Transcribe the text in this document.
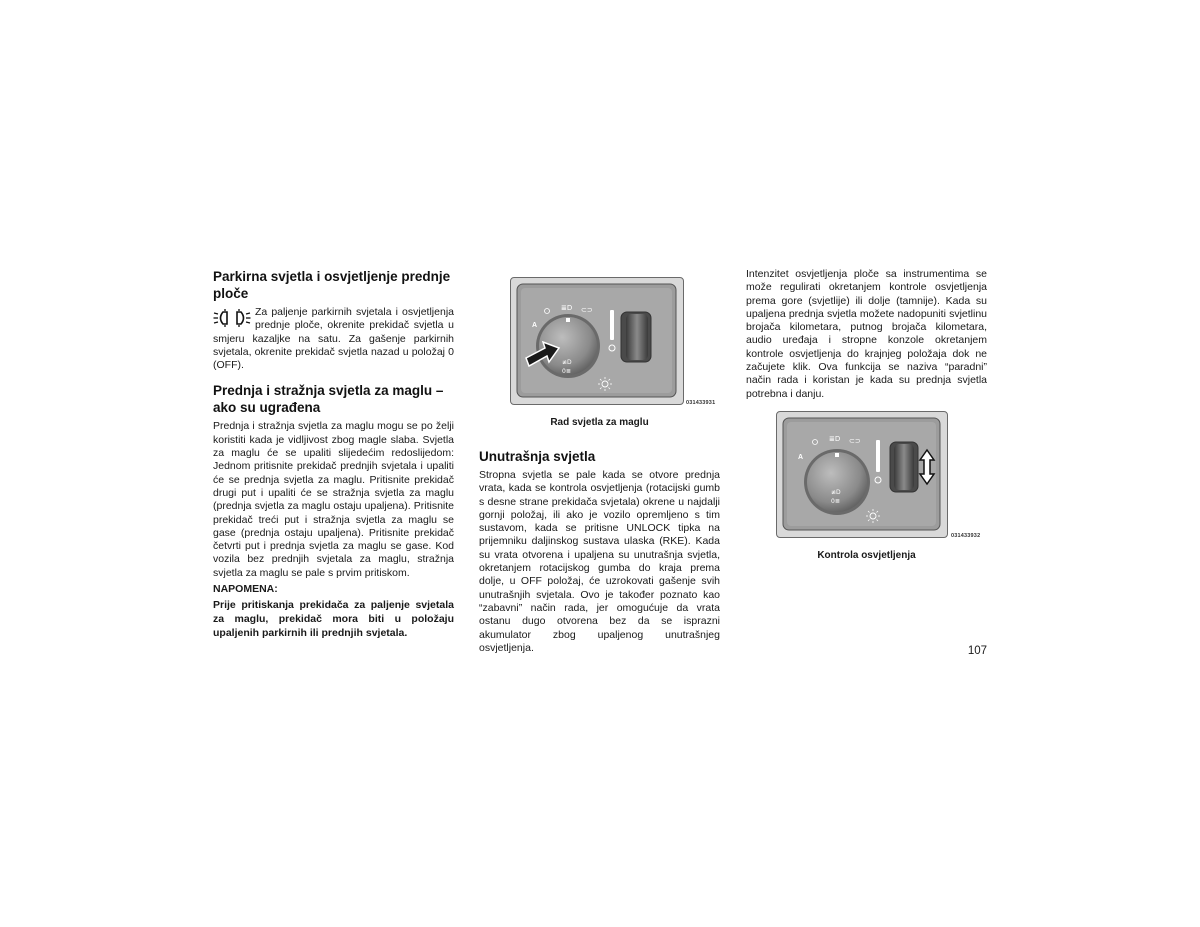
Parkirna svjetla i osvjetljenje prednje ploče

Za paljenje parkirnih svjetala i osvjetljenja prednje ploče, okrenite prekidač svjetla u smjeru kazaljke na satu. Za gašenje parkirnih svjetala, okrenite prekidač svjetla nazad u položaj 0 (OFF).

Prednja i stražnja svjetla za maglu – ako su ugrađena

Prednja i stražnja svjetla za maglu mogu se po želji koristiti kada je vidljivost zbog magle slaba. Svjetla za maglu će se upaliti slijedećim redoslijedom: Jednom pritisnite prekidač prednjih svjetala i upaliti će se prednja svjetla za maglu. Pritisnite prekidač drugi put i upaliti će se stražnja svjetla za maglu (prednja svjetla za maglu ostaju upaljena). Pritisnite prekidač treći put i stražnja svjetla za maglu se gase (prednja ostaju upaljena). Pritisnite prekidač četvrti put i prednja svjetla za maglu se gase. Kod vozila bez prednjih svjetala za maglu, stražnja svjetla za maglu se pale s prvim pritiskom.

NAPOMENA:

Prije pritiskanja prekidača za paljenje svjetala za maglu, prekidač mora biti u položaju upaljenih parkirnih ili prednjih svjetala.

≣D ⊂⊃
A
≢D
0≣
031433931
Rad svjetla za maglu
Unutrašnja svjetla

Stropna svjetla se pale kada se otvore prednja vrata, kada se kontrola osvjetljenja (rotacijski gumb s desne strane prekidača svjetala) okrene u najdalji gornji položaj, ili ako je vozilo opremljeno s tim sustavom, kada se pritisne UNLOCK tipka na prijemniku daljinskog sustava ulaska (RKE). Kada su vrata otvorena i upaljena su unutrašnja svjetla, okretanjem rotacijskog gumba do kraja prema dolje, u OFF položaj, će uzrokovati gašenje svih unutrašnjih svjetala. Ovo je također poznato kao “zabavni” način rada, jer omogućuje da vrata ostanu dugo otvorena bez da se isprazni akumulator zbog upaljenog unutrašnjeg osvjetljenja.

Intenzitet osvjetljenja ploče sa instrumentima se može regulirati okretanjem kontrole osvjetljenja prema gore (svjetlije) ili dolje (tamnije). Kada su upaljena prednja svjetla možete nadopuniti svjetlinu brojača kilometara, putnog brojača kilometara, audio uređaja i stropne konzole okretanjem kontrole osvjetljenja do krajnjeg položaja dok ne začujete klik. Ova funkcija se naziva “paradni” način rada i koristan je kada su prednja svjetla potrebna i danju.

≣D ⊂⊃
A
≢D
0≣
031433932
Kontrola osvjetljenja
107
